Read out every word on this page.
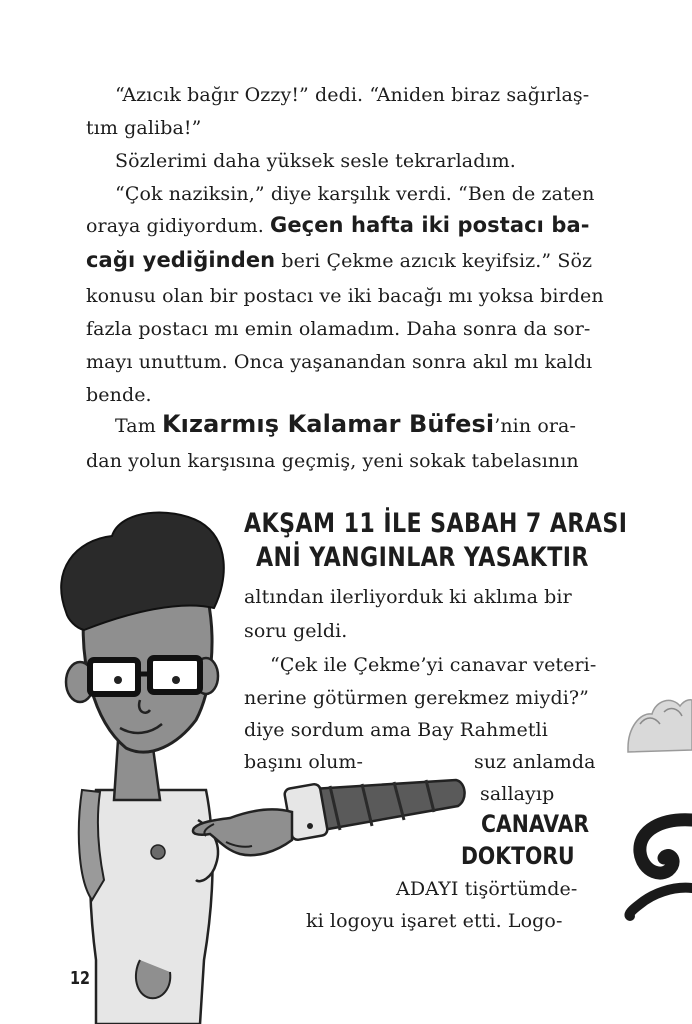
“Azıcık bağır Ozzy!” dedi. “Aniden biraz sağırlaş-
tım galiba!”
Sözlerimi daha yüksek sesle tekrarladım.
“Çok naziksin,” diye karşılık verdi. “Ben de zaten
oraya gidiyordum. Geçen hafta iki postacı ba-
cağı yediğinden beri Çekme azıcık keyifsiz.” Söz
konusu olan bir postacı ve iki bacağı mı yoksa birden
fazla postacı mı emin olamadım. Daha sonra da sor-
mayı unuttum. Onca yaşanandan sonra akıl mı kaldı
bende.
Tam Kızarmış Kalamar Büfesi’nin ora-
dan yolun karşısına geçmiş, yeni sokak tabelasının
AKŞAM 11 İLE SABAH 7 ARASI
ANİ YANGINLAR YASAKTIR
altından ilerliyorduk ki aklıma bir
soru geldi.
“Çek ile Çekme’yi canavar veteri-
nerine götürmen gerekmez miydi?”
diye sordum ama Bay Rahmetli
başını olum-	suz anlamda
sallayıp
CANAVAR
DOKTORU
ADAYI tişörtümde-
ki logoyu işaret etti. Logo-
12
